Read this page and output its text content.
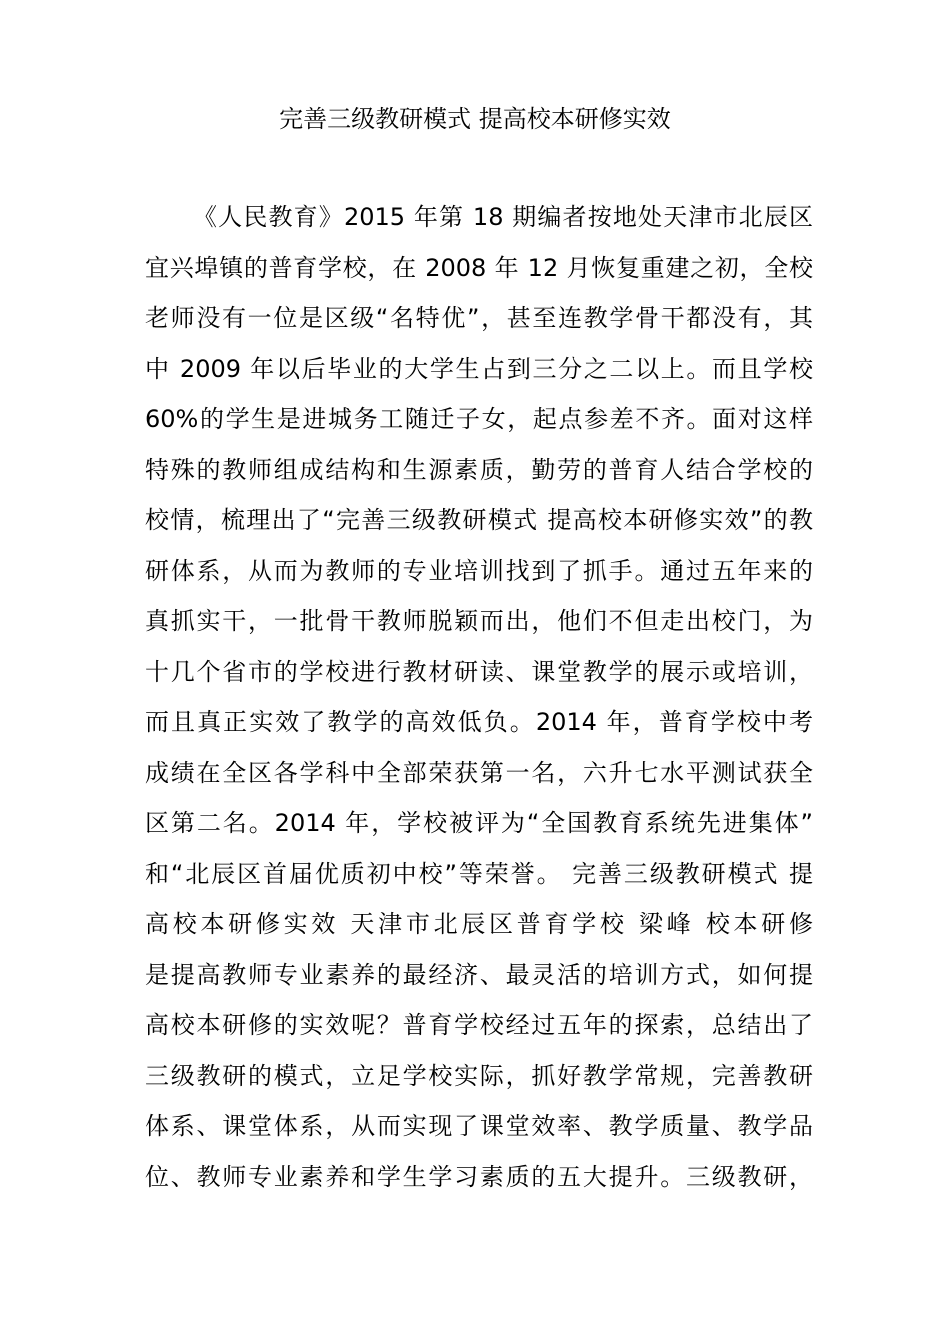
完善三级教研模式 提高校本研修实效
《人民教育》2015 年第 18 期编者按地处天津市北辰区
宜兴埠镇的普育学校，在 2008 年 12 月恢复重建之初，全校
老师没有一位是区级“名特优”，甚至连教学骨干都没有，其
中 2009 年以后毕业的大学生占到三分之二以上。而且学校
60%的学生是进城务工随迁子女，起点参差不齐。面对这样
特殊的教师组成结构和生源素质，勤劳的普育人结合学校的
校情，梳理出了“完善三级教研模式 提高校本研修实效”的教
研体系，从而为教师的专业培训找到了抓手。通过五年来的
真抓实干，一批骨干教师脱颖而出，他们不但走出校门，为
十几个省市的学校进行教材研读、课堂教学的展示或培训，
而且真正实效了教学的高效低负。2014 年，普育学校中考
成绩在全区各学科中全部荣获第一名，六升七水平测试获全
区第二名。2014 年，学校被评为“全国教育系统先进集体”
和“北辰区首届优质初中校”等荣誉。 完善三级教研模式 提
高校本研修实效 天津市北辰区普育学校 梁峰 校本研修
是提高教师专业素养的最经济、最灵活的培训方式，如何提
高校本研修的实效呢？普育学校经过五年的探索，总结出了
三级教研的模式，立足学校实际，抓好教学常规，完善教研
体系、课堂体系，从而实现了课堂效率、教学质量、教学品
位、教师专业素养和学生学习素质的五大提升。三级教研，
